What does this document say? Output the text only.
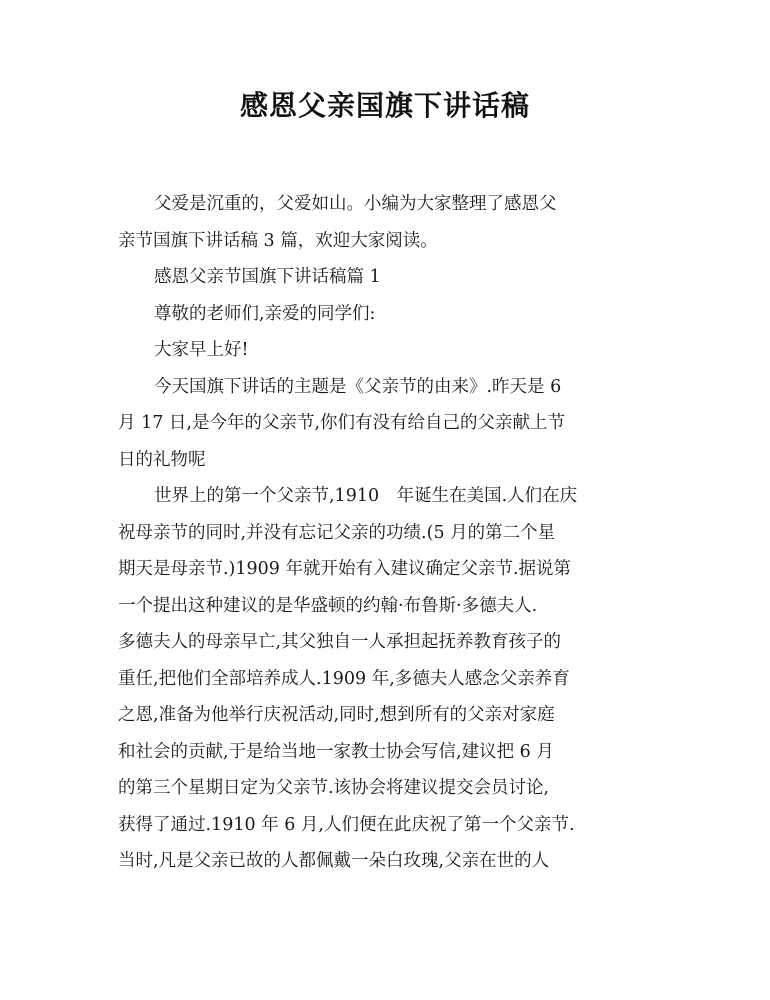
感恩父亲国旗下讲话稿
父爱是沉重的，父爱如山。小编为大家整理了感恩父
亲节国旗下讲话稿 3 篇，欢迎大家阅读。
感恩父亲节国旗下讲话稿篇 1
尊敬的老师们,亲爱的同学们:
大家早上好!
今天国旗下讲话的主题是《父亲节的由来》.昨天是 6
月 17 日,是今年的父亲节,你们有没有给自己的父亲献上节
日的礼物呢
世界上的第一个父亲节,1910　年诞生在美国.人们在庆
祝母亲节的同时,并没有忘记父亲的功绩.(5 月的第二个星
期天是母亲节.)1909 年就开始有入建议确定父亲节.据说第
一个提出这种建议的是华盛顿的约翰·布鲁斯·多德夫人.
多德夫人的母亲早亡,其父独自一人承担起抚养教育孩子的
重任,把他们全部培养成人.1909 年,多德夫人感念父亲养育
之恩,准备为他举行庆祝活动,同时,想到所有的父亲对家庭
和社会的贡献,于是给当地一家教士协会写信,建议把 6 月
的第三个星期日定为父亲节.该协会将建议提交会员讨论,
获得了通过.1910 年 6 月,人们便在此庆祝了第一个父亲节.
当时,凡是父亲已故的人都佩戴一朵白玫瑰,父亲在世的人
